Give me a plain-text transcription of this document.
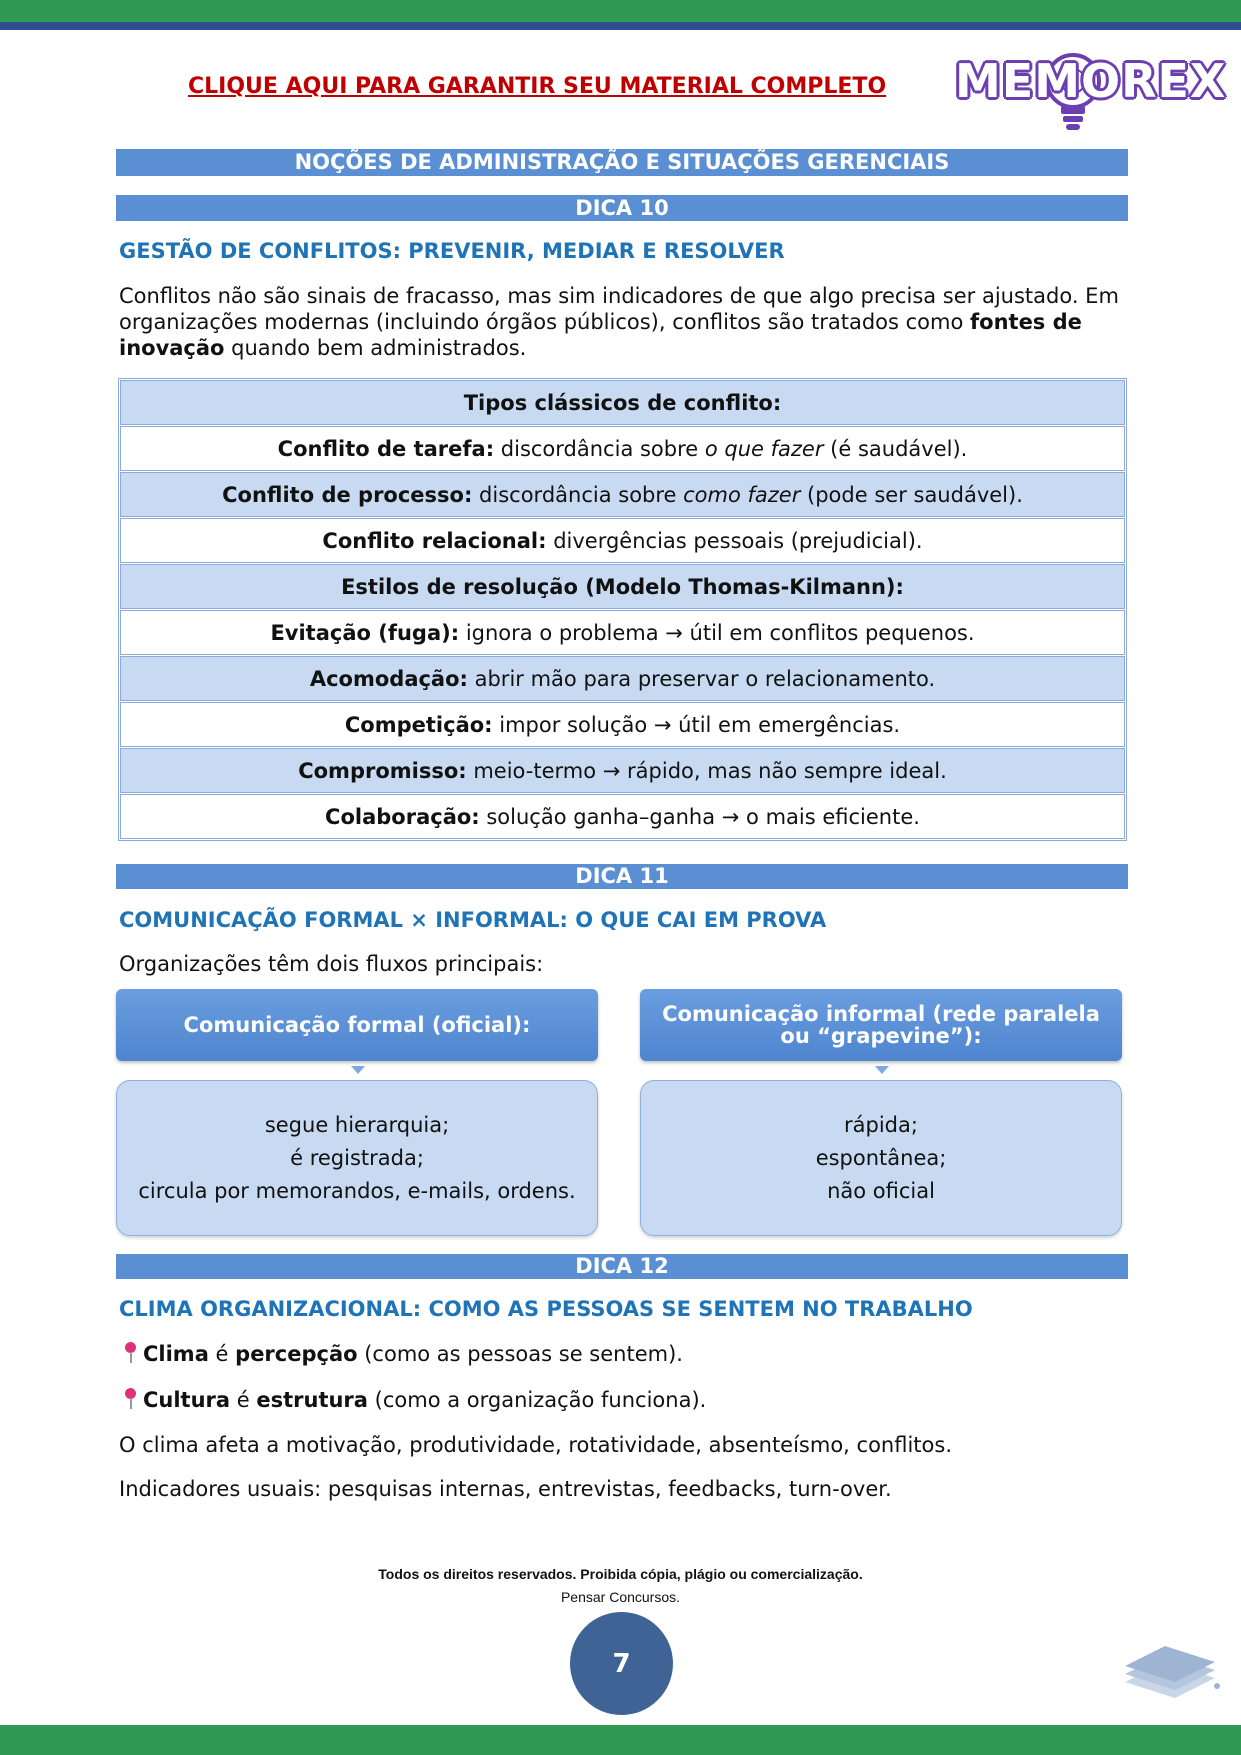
CLIQUE AQUI PARA GARANTIR SEU MATERIAL COMPLETO	MEMOREX
NOÇÕES DE ADMINISTRAÇÃO E SITUAÇÕES GERENCIAIS
DICA 10
GESTÃO DE CONFLITOS: PREVENIR, MEDIAR E RESOLVER
Conflitos não são sinais de fracasso, mas sim indicadores de que algo precisa ser ajustado. Em organizações modernas (incluindo órgãos públicos), conflitos são tratados como fontes de inovação quando bem administrados.
Tipos clássicos de conflito:
Conflito de tarefa: discordância sobre o que fazer (é saudável).
Conflito de processo: discordância sobre como fazer (pode ser saudável).
Conflito relacional: divergências pessoais (prejudicial).
Estilos de resolução (Modelo Thomas-Kilmann):
Evitação (fuga): ignora o problema → útil em conflitos pequenos.
Acomodação: abrir mão para preservar o relacionamento.
Competição: impor solução → útil em emergências.
Compromisso: meio-termo → rápido, mas não sempre ideal.
Colaboração: solução ganha–ganha → o mais eficiente.
DICA 11
COMUNICAÇÃO FORMAL × INFORMAL: O QUE CAI EM PROVA
Organizações têm dois fluxos principais:
Comunicação formal (oficial):
segue hierarquia;
é registrada;
circula por memorandos, e-mails, ordens.
Comunicação informal (rede paralela
ou “grapevine”):
rápida;
espontânea;
não oficial
DICA 12
CLIMA ORGANIZACIONAL: COMO AS PESSOAS SE SENTEM NO TRABALHO
Clima é percepção (como as pessoas se sentem).
Cultura é estrutura (como a organização funciona).
O clima afeta a motivação, produtividade, rotatividade, absenteísmo, conflitos.
Indicadores usuais: pesquisas internas, entrevistas, feedbacks, turn-over.
Todos os direitos reservados. Proibida cópia, plágio ou comercialização.
Pensar Concursos.
7
